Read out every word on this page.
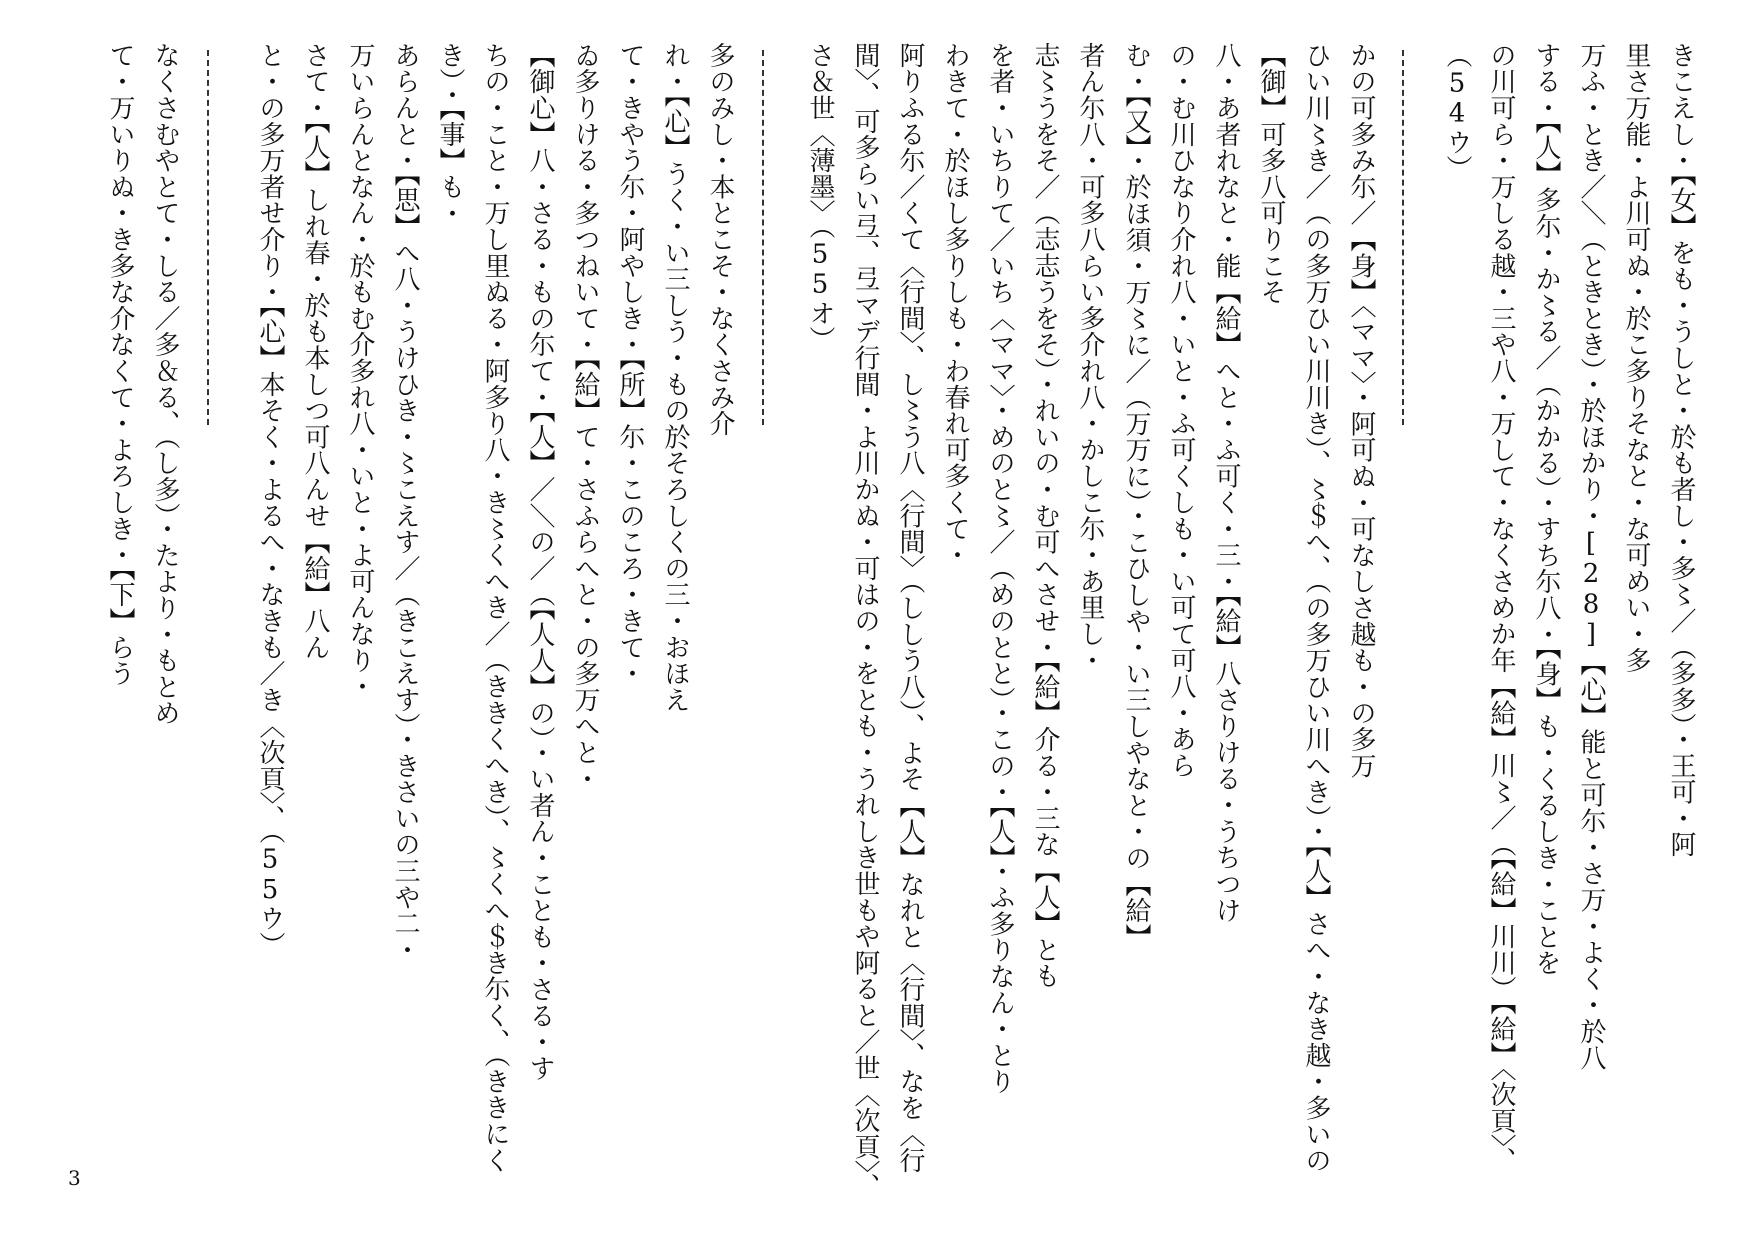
きこえし・【女】をも・うしと・於も者し・多〻／（多多）・王可・阿
里さ万能・よ川可ぬ・於こ多りそなと・な可めい・多
万ふ・とき／＼（ときとき）・於ほかり・[28]【心】能と可尓・さ万・よく・於八
する・【人】多尓・か〻る／（かかる）・すち尓八・【身】も・くるしき・ことを
の川可ら・万しる越・三や八・万して・なくさめか年【給】川〻／（【給】川川）【給】〈次頁〉、
（54ウ）
かの可多み尓／【身】〈ママ〉・阿可ぬ・可なしさ越も・の多万
ひい川〻き／（の多万ひい川川き）、〻＄へ、（の多万ひい川へき）・【人】さへ・なき越・多いの
【御】可多八可りこそ
八・あ者れなと・能【給】へと・ふ可く・三・【給】八さりける・うちつけ
の・む川ひなり介れ八・いと・ふ可くしも・い可て可八・あら
む・【又】・於ほ須・万〻に／（万万に）・こひしや・い三しやなと・の【給】
者ん尓八・可多八らい多介れ八・かしこ尓・あ里し・
志〻うをそ／（志志うをそ）・れいの・む可へさせ・【給】介る・三な【人】とも
を者・いちりて／いち〈ママ〉・めのと〻／（めのとと）・この・【人】・ふ多りなん・とり
わきて・於ほし多りしも・わ春れ可多くて・
阿りふる尓／くて〈行間〉、し〻う八〈行間〉（ししう八）、よそ【人】なれと〈行間〉、なを〈行
間〉、可多らい弖、弖マデ行間・よ川かぬ・可はの・をとも・うれしき世もや阿ると／世〈次頁〉、
さ＆世〈薄墨〉（55オ）
多のみし・本とこそ・なくさみ介
れ・【心】うく・い三しう・もの於そろしくの三・おほえ
て・きやう尓・阿やしき・【所】尓・このころ・きて・
ゐ多りける・多つねいて・【給】て・さふらへと・の多万へと・
【御心】八・さる・もの尓て・【人】／＼の／（【人人】の）・い者ん・ことも・さる・す
ちの・こと・万し里ぬる・阿多り八・き〻くへき／（ききくへき）、〻くへ＄き尓く、（ききにく
き）・【事】も・
あらんと・【思】へ八・うけひき・〻こえす／（きこえす）・きさいの三や二・
万いらんとなん・於もむ介多れ八・いと・よ可んなり・
さて・【人】しれ春・於も本しつ可八んせ【給】八ん
と・の多万者せ介り・【心】本そく・よるへ・なきも／き〈次頁〉、（55ウ）
なくさむやとて・しる／多＆る、（し多）・たより・もとめ
て・万いりぬ・き多な介なくて・よろしき・【下】らう
3
